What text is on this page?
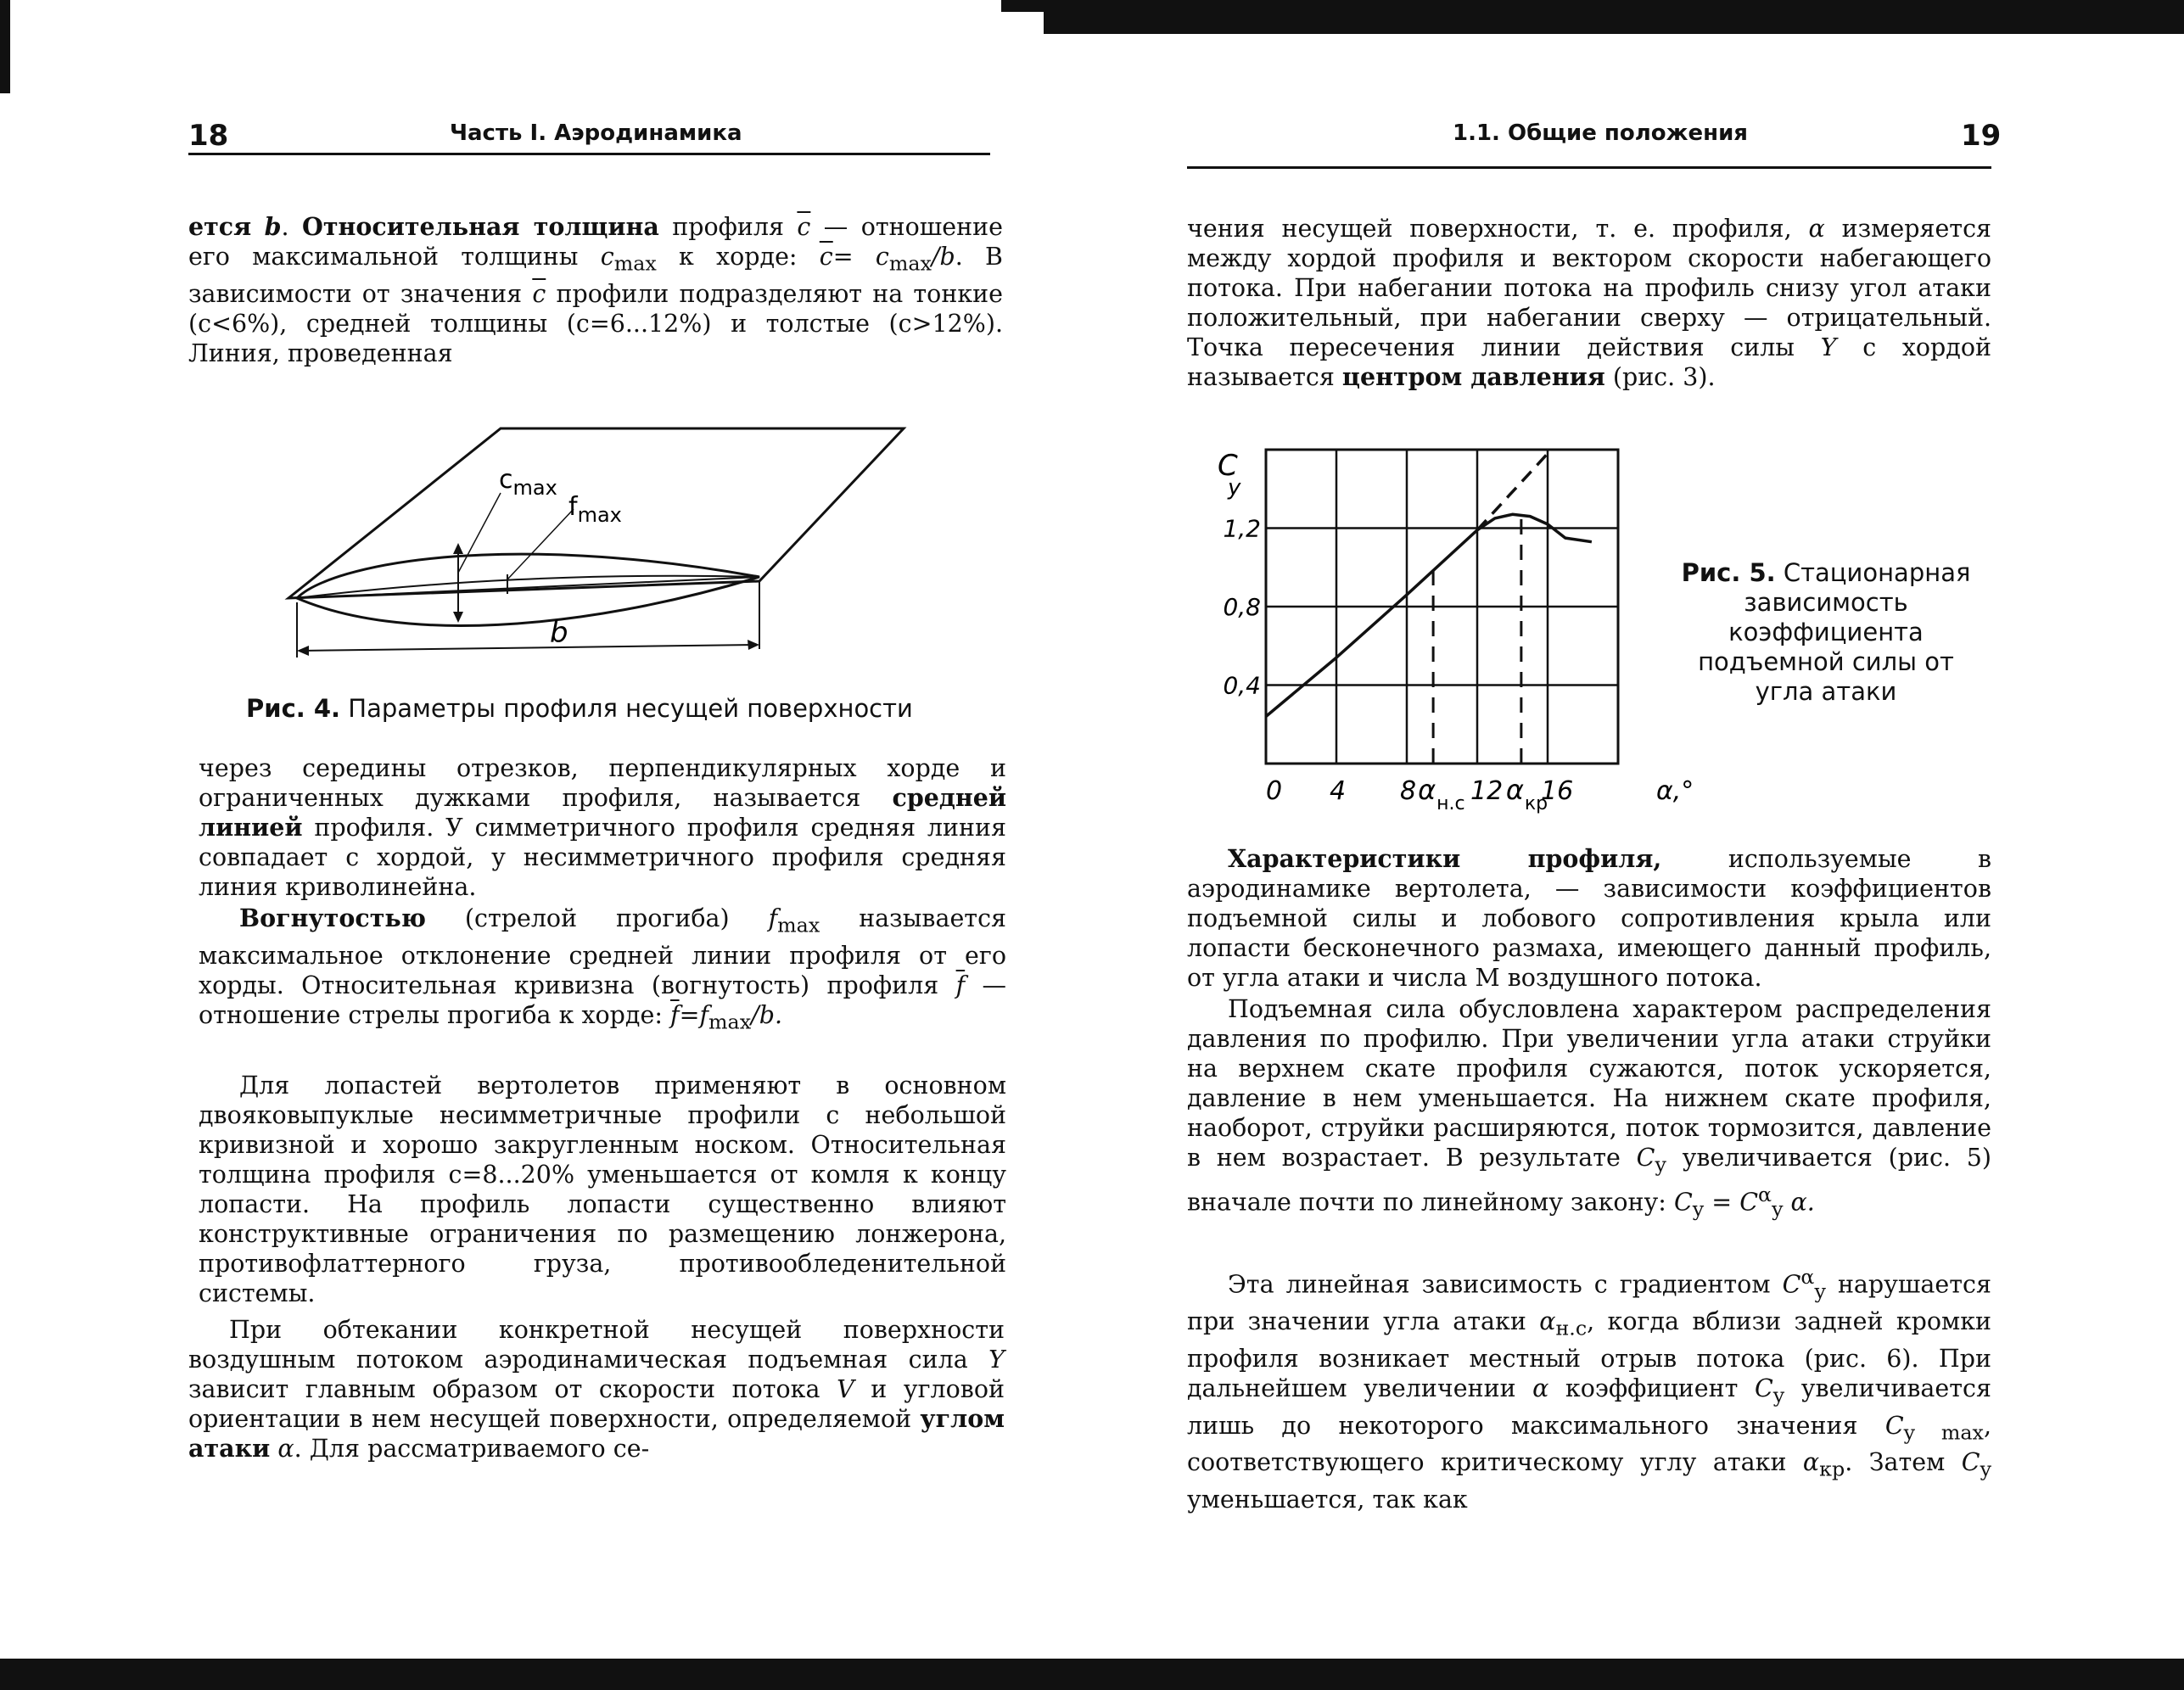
18	Часть I. Аэродинамика

ется b. Относительная толщина профиля $\overline{c}$ — отношение его максимальной толщины $c_{max}$ к хорде: $\overline{c}= c_{max}/b$. В зависимости от значения $\overline{c}$ профили подразделяют на тонкие (c<6%), средней толщины (c=6...12%) и толстые (c>12%). Линия, проведенная

$c_{max}$
$f_{max}$
b
Рис. 4. Параметры профиля несущей поверхности

через середины отрезков, перпендикулярных хорде и ограниченных дужками профиля, называется средней линией профиля. У симметричного профиля средняя линия совпадает с хордой, у несимметричного профиля средняя линия криволинейна.

Вогнутостью (стрелой прогиба) $f_{max}$ называется максимальное отклонение средней линии профиля от его хорды. Относительная кривизна (вогнутость) профиля $\overline{f}$ — отношение стрелы прогиба к хорде: $\overline{f}=f_{max}/b$.

Для лопастей вертолетов применяют в основном двояковыпуклые несимметричные профили с небольшой кривизной и хорошо закругленным носком. Относительная толщина профиля c=8...20% уменьшается от комля к концу лопасти. На профиль лопасти существенно влияют конструктивные ограничения по размещению лонжерона, противофлаттерного груза, противообледенительной системы.

При обтекании конкретной несущей поверхности воздушным потоком аэродинамическая подъемная сила Y зависит главным образом от скорости потока V и угловой ориентации в нем несущей поверхности, определяемой углом атаки α. Для рассматриваемого се-

1.1. Общие положения	19

чения несущей поверхности, т. е. профиля, α измеряется между хордой профиля и вектором скорости набегающего потока. При набегании потока на профиль снизу угол атаки положительный, при набегании сверху — отрицательный. Точка пересечения линии действия силы Y с хордой называется центром давления (рис. 3).

0 4 8 12 16
0,4
0,8
1,2
C
y
α,°
α н.с α кр
Рис. 5. Стационарная зависимость коэффициента подъемной силы от угла атаки

Характеристики профиля,	используемые в аэродинамике вертолета, — зависимости коэффициентов подъемной силы и лобового сопротивления крыла или лопасти бесконечного размаха, имеющего данный профиль, от угла атаки и числа М воздушного потока.

Подъемная сила обусловлена характером распределения давления по профилю. При увеличении угла атаки струйки на верхнем скате профиля сужаются, поток ускоряется, давление в нем уменьшается. На нижнем скате профиля, наоборот, струйки расширяются, поток тормозится, давление в нем возрастает. В результате $C_y$ увеличивается (рис. 5) вначале почти по линейному закону: $C_y = C^\alpha_y$ α.

Эта линейная зависимость с градиентом $C^\alpha_y$ нарушается при значении угла атаки $\alpha_{н.с}$, когда вблизи задней кромки профиля возникает местный отрыв потока (рис. 6). При дальнейшем увеличении α коэффициент $C_y$ увеличивается лишь до некоторого максимального значения $C_{y max}$, соответствующего критическому углу атаки $\alpha_{кр}$. Затем $C_y$ уменьшается, так как
